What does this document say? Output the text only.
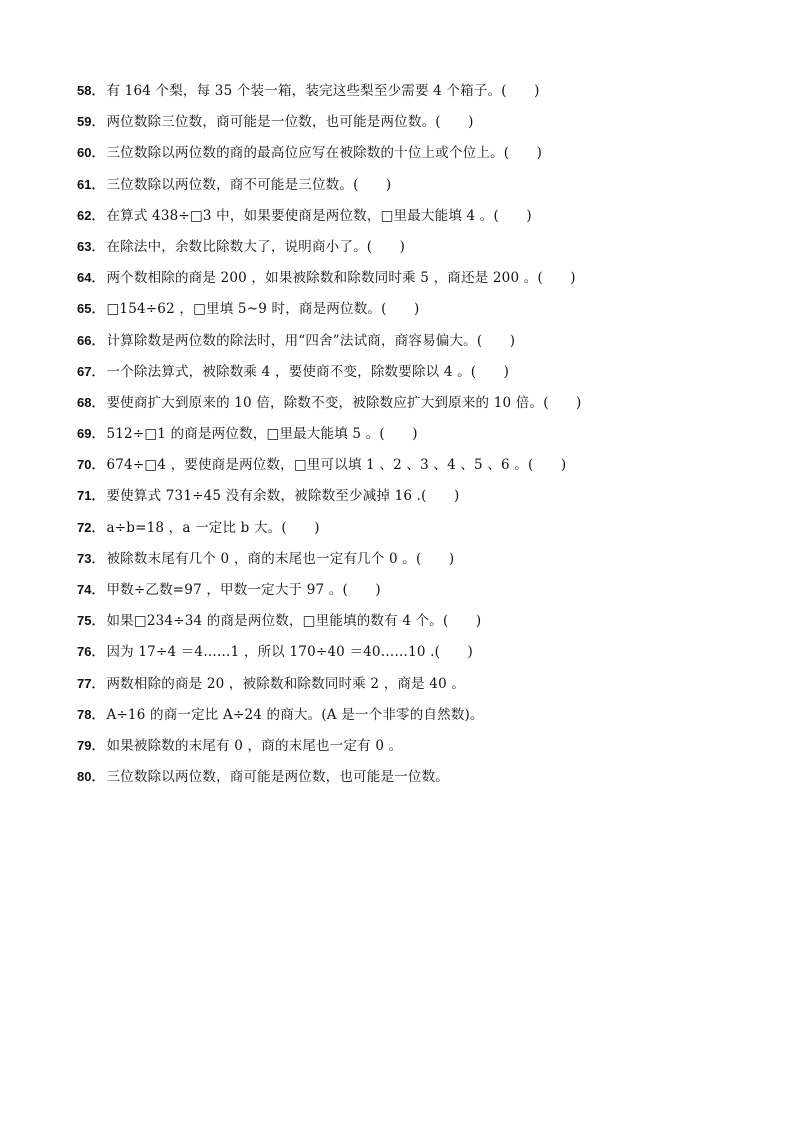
58． 有 164 个梨，每 35 个装一箱，装完这些梨至少需要 4 个箱子。(　　)
59． 两位数除三位数，商可能是一位数，也可能是两位数。(　　)
60． 三位数除以两位数的商的最高位应写在被除数的十位上或个位上。(　　)
61． 三位数除以两位数，商不可能是三位数。(　　)
62． 在算式 438÷□3 中，如果要使商是两位数，□里最大能填 4 。(　　)
63． 在除法中，余数比除数大了，说明商小了。(　　)
64． 两个数相除的商是 200 ，如果被除数和除数同时乘 5 ，商还是 200 。(　　)
65． □154÷62 ，□里填 5~9 时，商是两位数。(　　)
66． 计算除数是两位数的除法时，用“四舍”法试商，商容易偏大。(　　)
67． 一个除法算式，被除数乘 4 ，要使商不变，除数要除以 4 。(　　)
68． 要使商扩大到原来的 10 倍，除数不变，被除数应扩大到原来的 10 倍。(　　)
69． 512÷□1 的商是两位数，□里最大能填 5 。(　　)
70． 674÷□4 ，要使商是两位数，□里可以填 1 、2 、3 、4 、5 、6 。(　　)
71． 要使算式 731÷45 没有余数，被除数至少减掉 16 .(　　)
72． a÷b=18 ，a 一定比 b 大。(　　)
73． 被除数末尾有几个 0 ，商的末尾也一定有几个 0 。(　　)
74． 甲数÷乙数=97 ，甲数一定大于 97 。(　　)
75． 如果□234÷34 的商是两位数，□里能填的数有 4 个。(　　)
76． 因为 17÷4 ＝4……1 ，所以 170÷40 ＝40……10 .(　　)
77． 两数相除的商是 20 ，被除数和除数同时乘 2 ，商是 40 。
78． A÷16 的商一定比 A÷24 的商大。(A 是一个非零的自然数)。
79． 如果被除数的末尾有 0 ，商的末尾也一定有 0 。
80． 三位数除以两位数，商可能是两位数，也可能是一位数。
